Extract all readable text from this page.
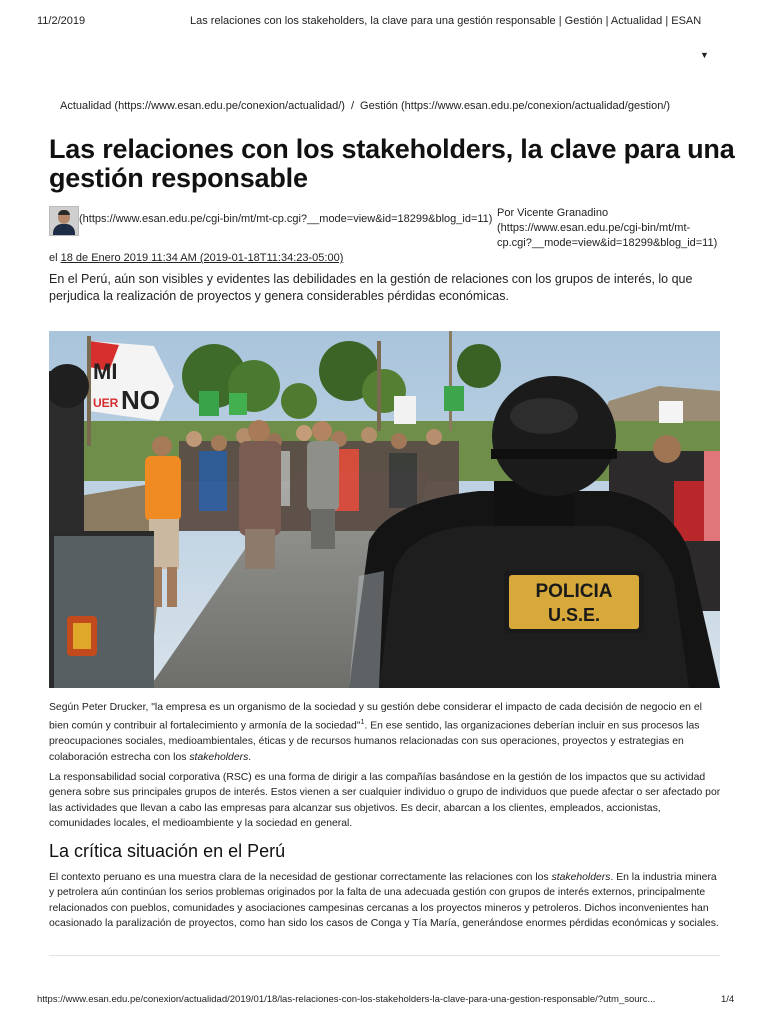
11/2/2019	Las relaciones con los stakeholders, la clave para una gestión responsable | Gestión | Actualidad | ESAN
▼
Actualidad (https://www.esan.edu.pe/conexion/actualidad/) / Gestión (https://www.esan.edu.pe/conexion/actualidad/gestion/)
Las relaciones con los stakeholders, la clave para una gestión responsable
(https://www.esan.edu.pe/cgi-bin/mt/mt-cp.cgi?__mode=view&id=18299&blog_id=11) Por Vicente Granadino
(https://www.esan.edu.pe/cgi-bin/mt/mt-cp.cgi?__mode=view&id=18299&blog_id=11)
el 18 de Enero 2019 11:34 AM (2019-01-18T11:34:23-05:00)

En el Perú, aún son visibles y evidentes las debilidades en la gestión de relaciones con los grupos de interés, lo que perjudica la realización de proyectos y genera considerables pérdidas económicas.

MI
NO
UER
POLICIA
U.S.E.

Según Peter Drucker, "la empresa es un organismo de la sociedad y su gestión debe considerar el impacto de cada decisión de negocio en el bien común y contribuir al fortalecimiento y armonía de la sociedad"$^1$. En ese sentido, las organizaciones deberían incluir en sus procesos las preocupaciones sociales, medioambientales, éticas y de recursos humanos relacionadas con sus operaciones, proyectos y estrategias en colaboración estrecha con los stakeholders.

La responsabilidad social corporativa (RSC) es una forma de dirigir a las compañías basándose en la gestión de los impactos que su actividad genera sobre sus principales grupos de interés. Estos vienen a ser cualquier individuo o grupo de individuos que puede afectar o ser afectado por las actividades que llevan a cabo las empresas para alcanzar sus objetivos. Es decir, abarcan a los clientes, empleados, accionistas, comunidades locales, el medioambiente y la sociedad en general.

La crítica situación en el Perú

El contexto peruano es una muestra clara de la necesidad de gestionar correctamente las relaciones con los stakeholders. En la industria minera y petrolera aún continúan los serios problemas originados por la falta de una adecuada gestión con grupos de interés externos, principalmente relacionados con pueblos, comunidades y asociaciones campesinas cercanas a los proyectos mineros y petroleros. Dichos inconvenientes han ocasionado la paralización de proyectos, como han sido los casos de Conga y Tía María, generándose enormes pérdidas económicas y sociales.

https://www.esan.edu.pe/conexion/actualidad/2019/01/18/las-relaciones-con-los-stakeholders-la-clave-para-una-gestion-responsable/?utm_sourc...	1/4
